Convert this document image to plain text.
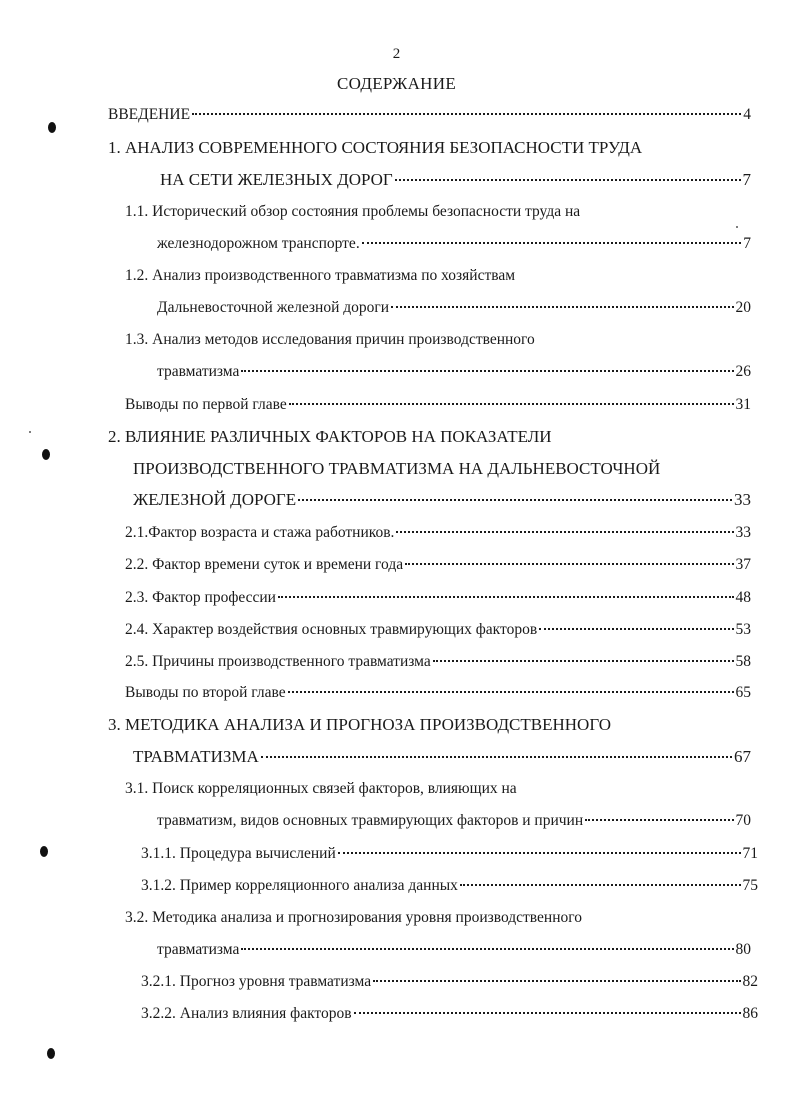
2
СОДЕРЖАНИЕ
ВВЕДЕНИЕ	4
1. АНАЛИЗ СОВРЕМЕННОГО СОСТОЯНИЯ БЕЗОПАСНОСТИ ТРУДА
НА СЕТИ ЖЕЛЕЗНЫХ ДОРОГ	7
1.1. Исторический обзор состояния проблемы безопасности труда на
железнодорожном транспорте.	7
1.2. Анализ производственного травматизма по хозяйствам
Дальневосточной железной дороги	20
1.3. Анализ методов исследования причин производственного
травматизма	26
Выводы по первой главе	31
2. ВЛИЯНИЕ РАЗЛИЧНЫХ ФАКТОРОВ НА ПОКАЗАТЕЛИ
ПРОИЗВОДСТВЕННОГО ТРАВМАТИЗМА НА ДАЛЬНЕВОСТОЧНОЙ
ЖЕЛЕЗНОЙ ДОРОГЕ	33
2.1.Фактор возраста и стажа работников.	33
2.2. Фактор времени суток и времени года	37
2.3. Фактор профессии	48
2.4. Характер воздействия основных травмирующих факторов	53
2.5. Причины производственного травматизма	58
Выводы по второй главе	65
3. МЕТОДИКА АНАЛИЗА И ПРОГНОЗА ПРОИЗВОДСТВЕННОГО
ТРАВМАТИЗМА	67
3.1. Поиск корреляционных связей факторов, влияющих на
травматизм, видов основных травмирующих факторов и причин	70
3.1.1. Процедура вычислений	71
3.1.2. Пример корреляционного анализа данных	75
3.2. Методика анализа и прогнозирования уровня производственного
травматизма	80
3.2.1. Прогноз уровня травматизма	82
3.2.2. Анализ влияния факторов	86
